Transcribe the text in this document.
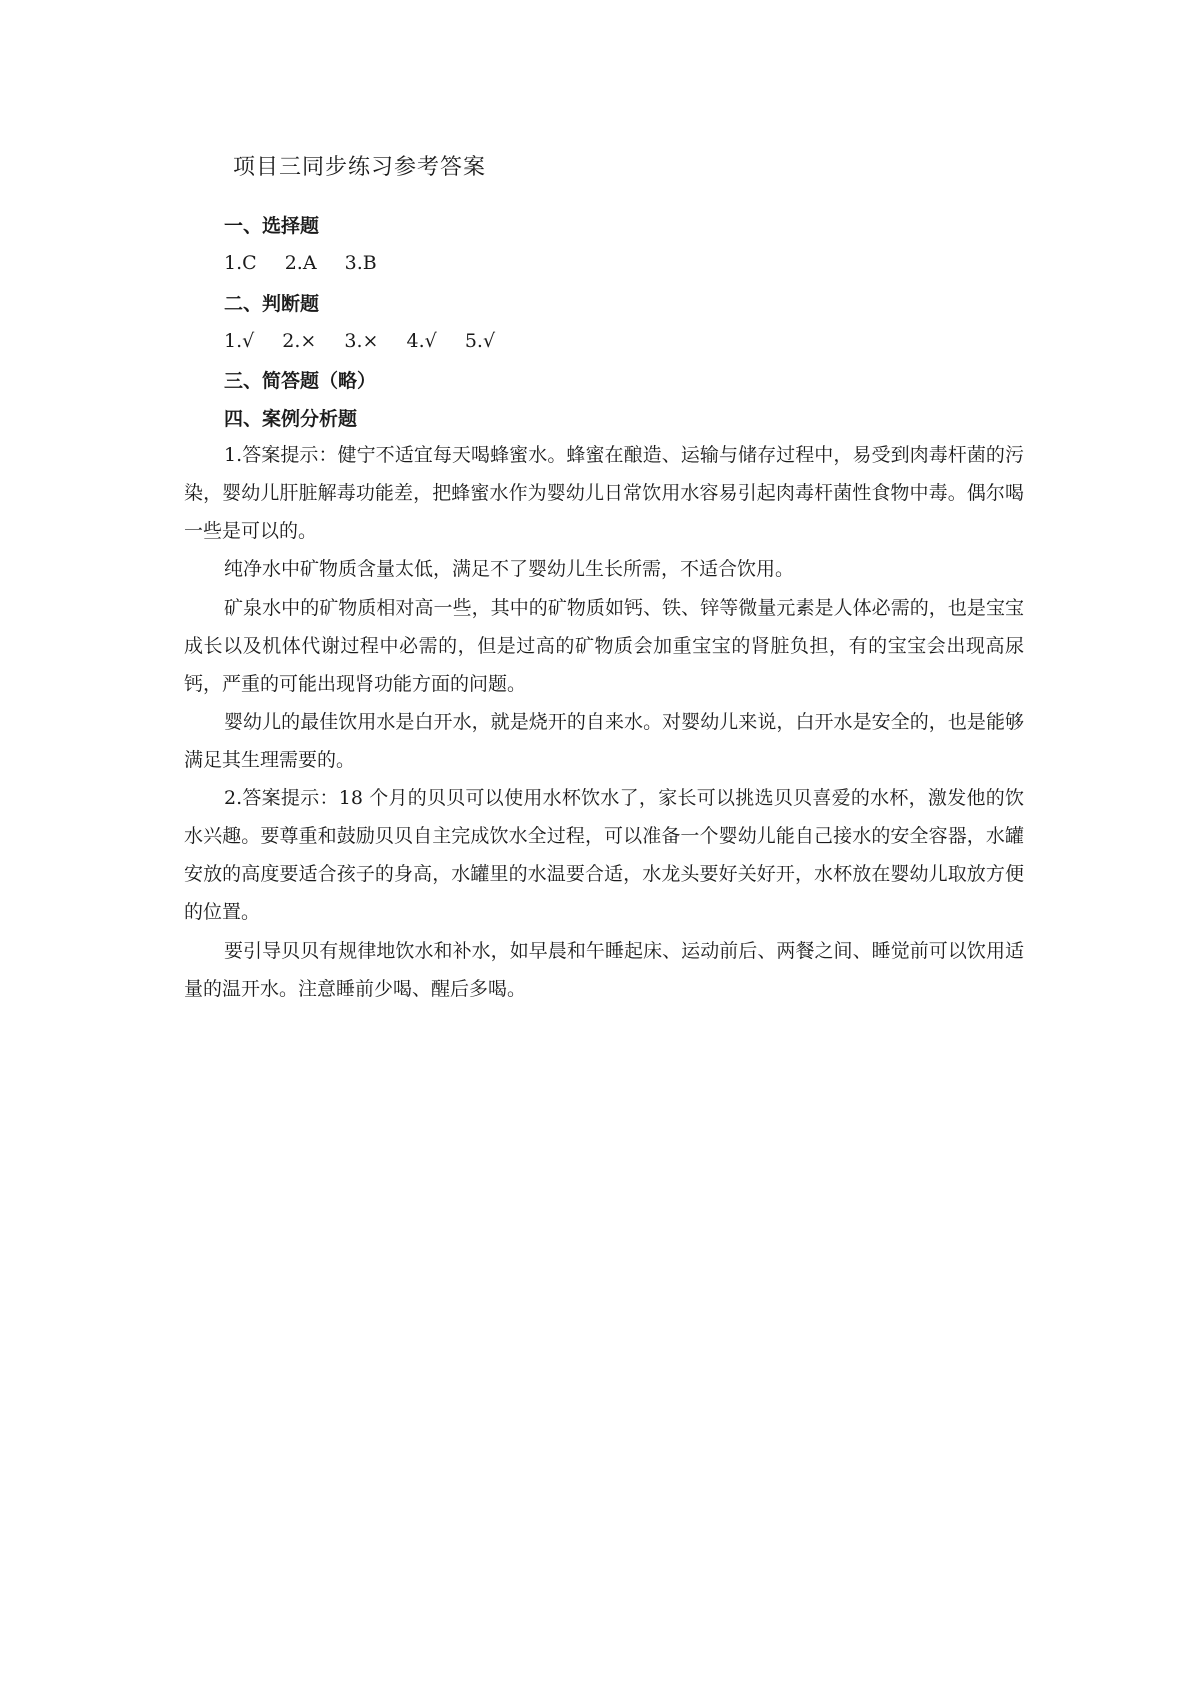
项目三同步练习参考答案
一、选择题
1.C 2.A 3.B
二、判断题
1.√ 2.× 3.× 4.√ 5.√
三、简答题（略）
四、案例分析题

1.答案提示：健宁不适宜每天喝蜂蜜水。蜂蜜在酿造、运输与储存过程中，易受到肉毒杆菌的污染，婴幼儿肝脏解毒功能差，把蜂蜜水作为婴幼儿日常饮用水容易引起肉毒杆菌性食物中毒。偶尔喝一些是可以的。

纯净水中矿物质含量太低，满足不了婴幼儿生长所需，不适合饮用。

矿泉水中的矿物质相对高一些，其中的矿物质如钙、铁、锌等微量元素是人体必需的，也是宝宝成长以及机体代谢过程中必需的，但是过高的矿物质会加重宝宝的肾脏负担，有的宝宝会出现高尿钙，严重的可能出现肾功能方面的问题。

婴幼儿的最佳饮用水是白开水，就是烧开的自来水。对婴幼儿来说，白开水是安全的，也是能够满足其生理需要的。

2.答案提示：18 个月的贝贝可以使用水杯饮水了，家长可以挑选贝贝喜爱的水杯，激发他的饮水兴趣。要尊重和鼓励贝贝自主完成饮水全过程，可以准备一个婴幼儿能自己接水的安全容器，水罐安放的高度要适合孩子的身高，水罐里的水温要合适，水龙头要好关好开，水杯放在婴幼儿取放方便的位置。

要引导贝贝有规律地饮水和补水，如早晨和午睡起床、运动前后、两餐之间、睡觉前可以饮用适量的温开水。注意睡前少喝、醒后多喝。
